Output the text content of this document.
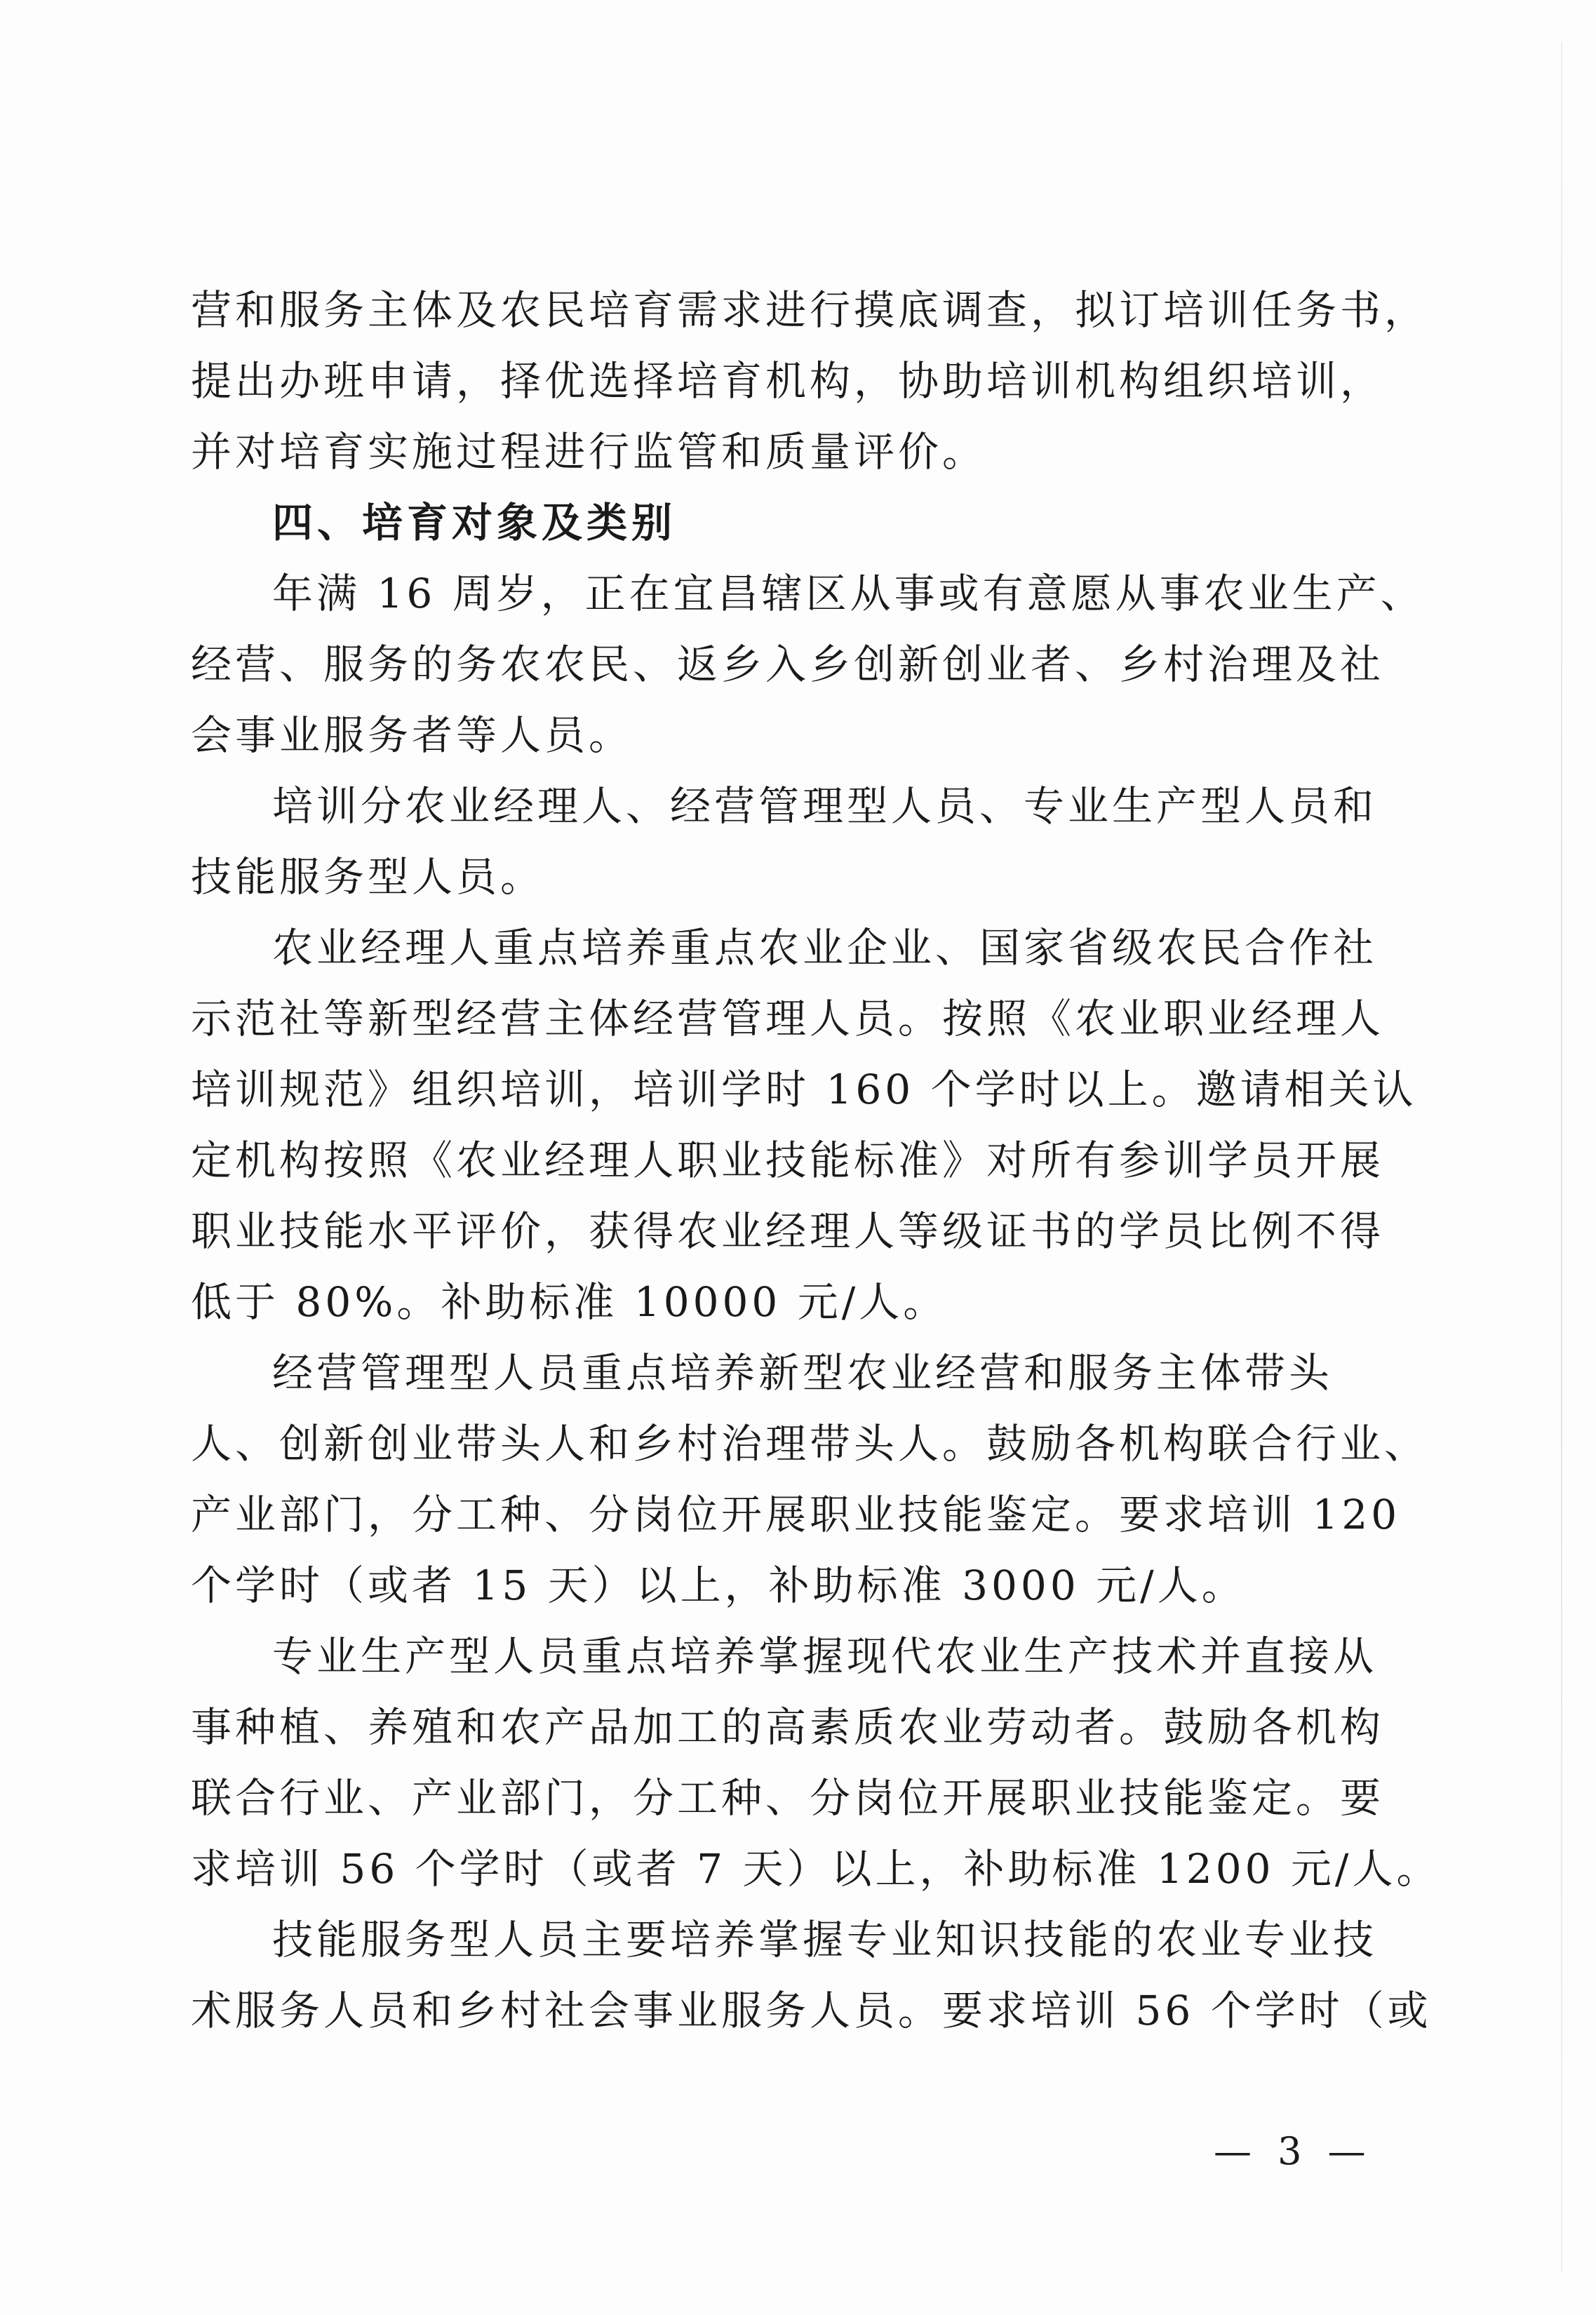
营和服务主体及农民培育需求进行摸底调查，拟订培训任务书，
提出办班申请，择优选择培育机构，协助培训机构组织培训，
并对培育实施过程进行监管和质量评价。
四、培育对象及类别
年满 16 周岁，正在宜昌辖区从事或有意愿从事农业生产、
经营、服务的务农农民、返乡入乡创新创业者、乡村治理及社
会事业服务者等人员。
培训分农业经理人、经营管理型人员、专业生产型人员和
技能服务型人员。
农业经理人重点培养重点农业企业、国家省级农民合作社
示范社等新型经营主体经营管理人员。按照《农业职业经理人
培训规范》组织培训，培训学时 160 个学时以上。邀请相关认
定机构按照《农业经理人职业技能标准》对所有参训学员开展
职业技能水平评价，获得农业经理人等级证书的学员比例不得
低于 80%。补助标准 10000 元/人。
经营管理型人员重点培养新型农业经营和服务主体带头
人、创新创业带头人和乡村治理带头人。鼓励各机构联合行业、
产业部门，分工种、分岗位开展职业技能鉴定。要求培训 120
个学时（或者 15 天）以上，补助标准 3000 元/人。
专业生产型人员重点培养掌握现代农业生产技术并直接从
事种植、养殖和农产品加工的高素质农业劳动者。鼓励各机构
联合行业、产业部门，分工种、分岗位开展职业技能鉴定。要
求培训 56 个学时（或者 7 天）以上，补助标准 1200 元/人。
技能服务型人员主要培养掌握专业知识技能的农业专业技
术服务人员和乡村社会事业服务人员。要求培训 56 个学时（或
— 3 —
